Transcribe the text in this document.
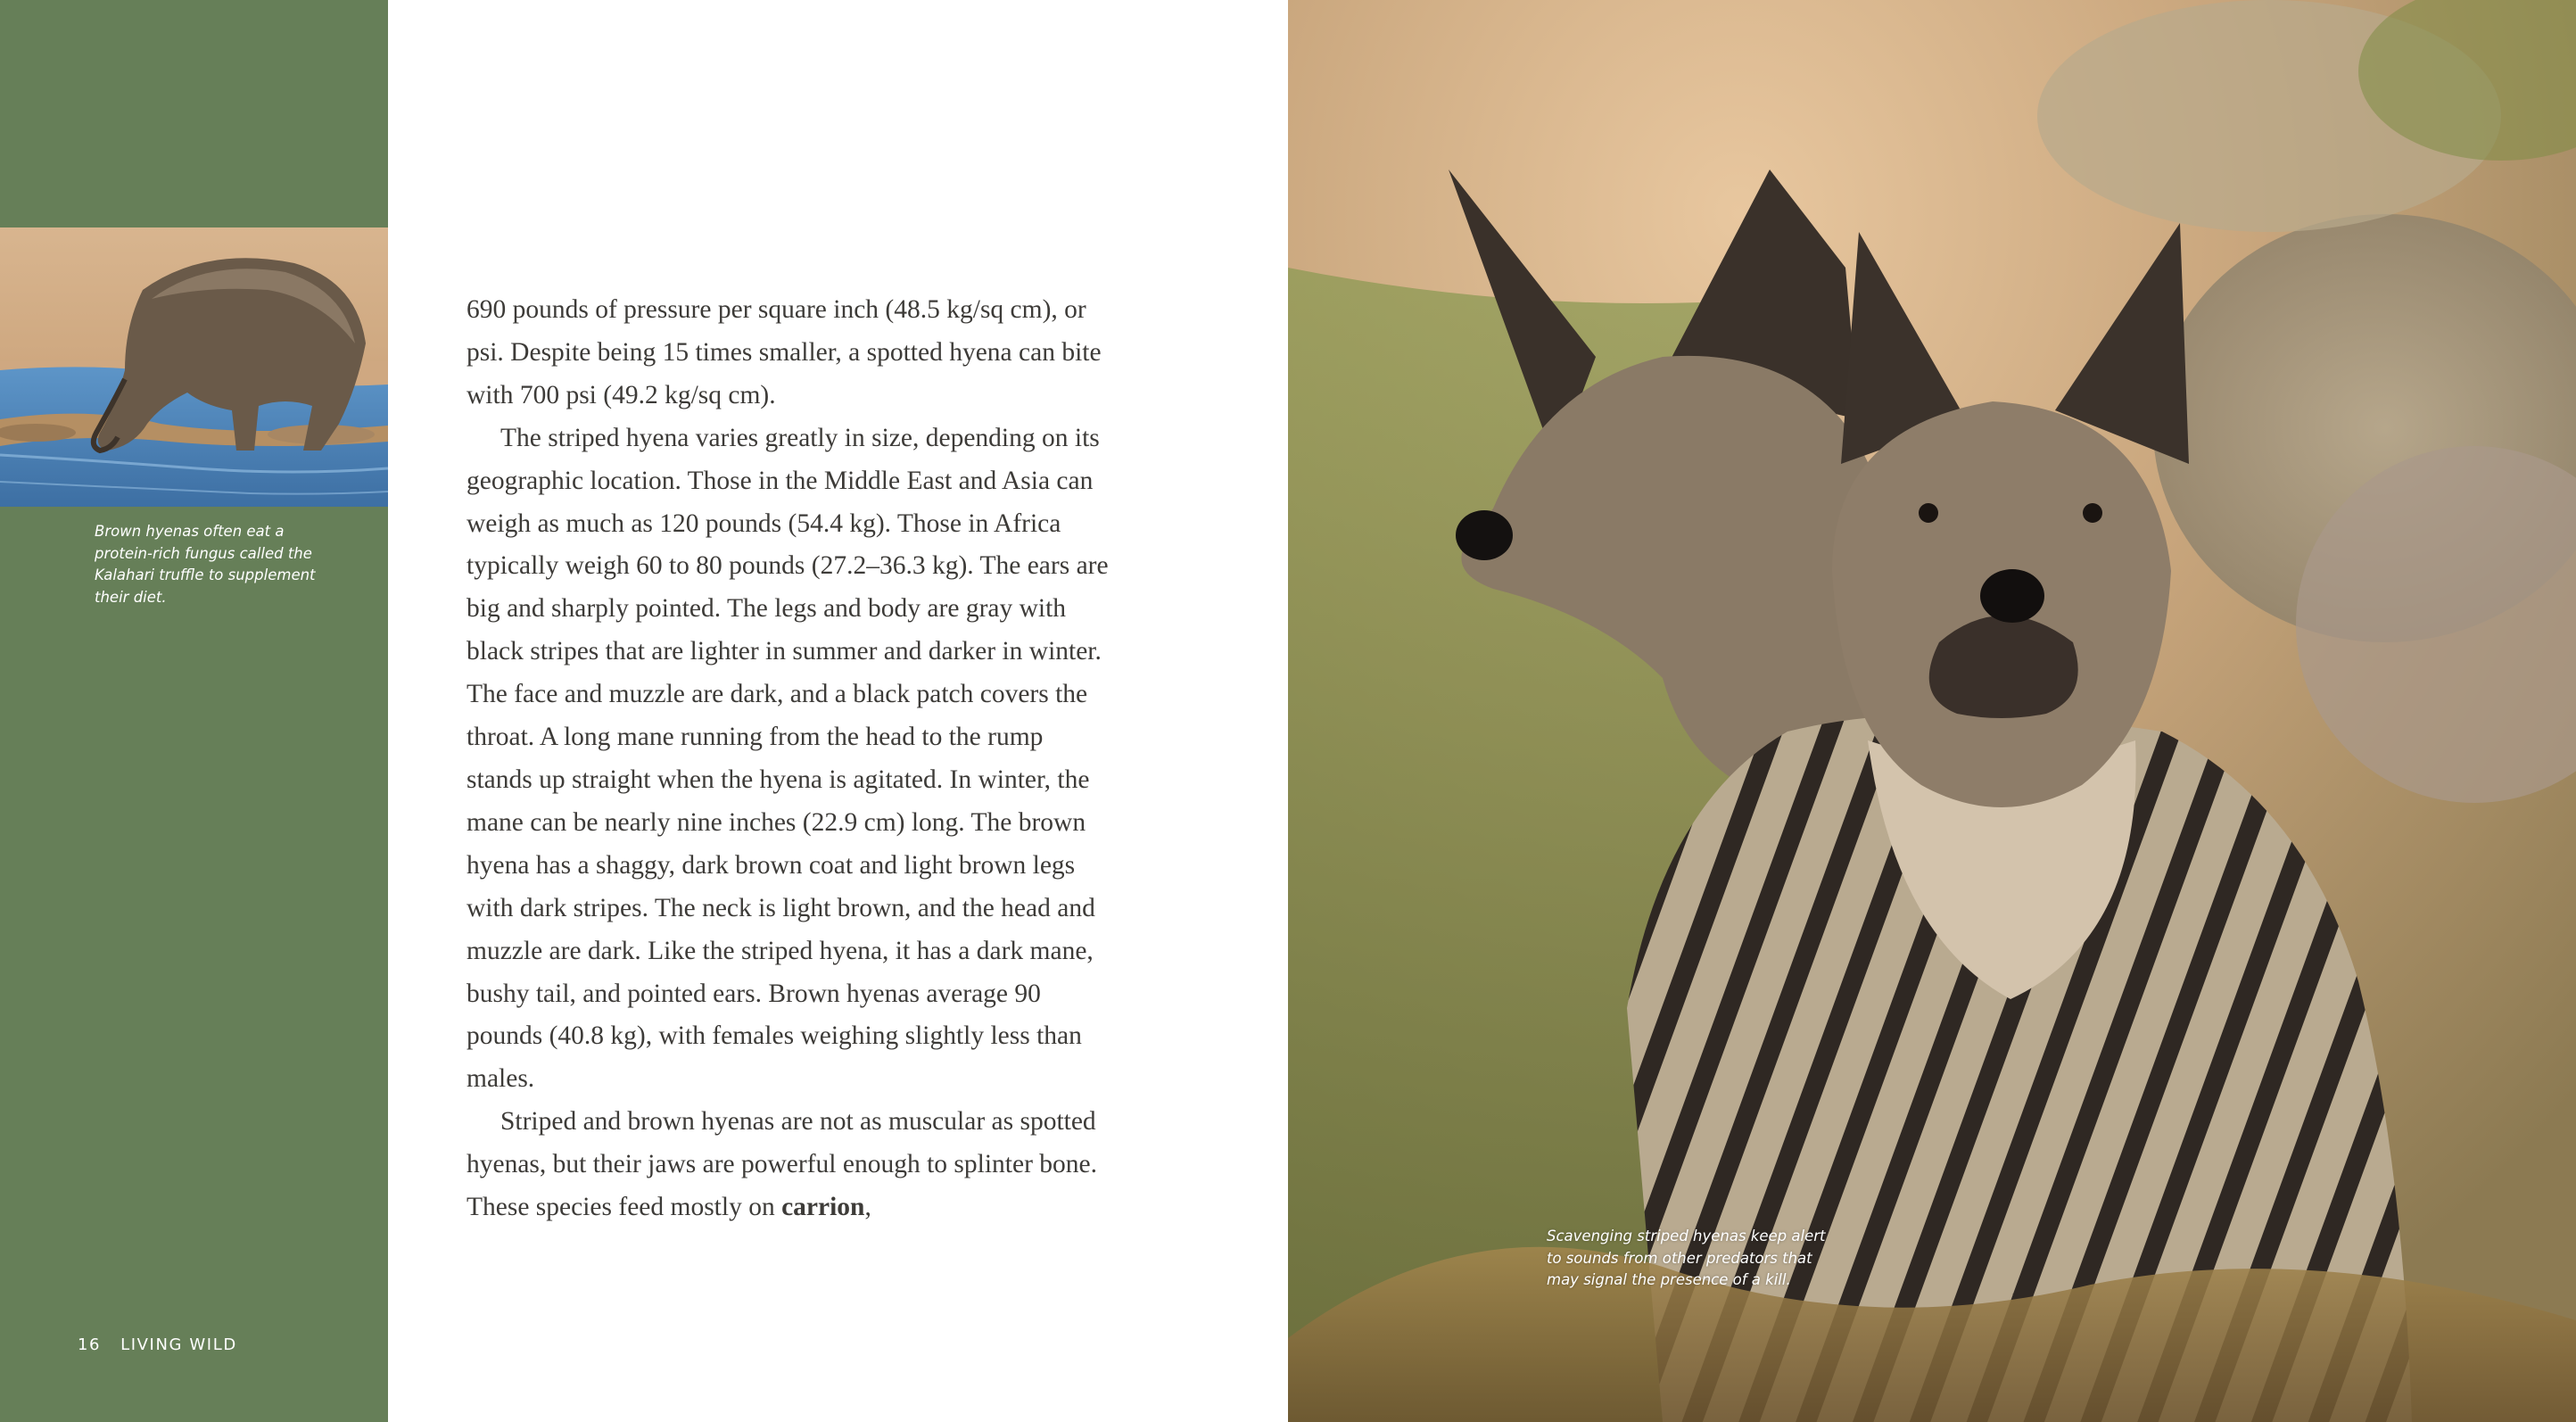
Brown hyenas often eat a protein-rich fungus called the Kalahari truffle to supplement their diet.

16 LIVING WILD

690 pounds of pressure per square inch (48.5 kg/sq cm), or psi. Despite being 15 times smaller, a spotted hyena can bite with 700 psi (49.2 kg/sq cm).

The striped hyena varies greatly in size, depending on its geographic location. Those in the Middle East and Asia can weigh as much as 120 pounds (54.4 kg). Those in Africa typically weigh 60 to 80 pounds (27.2–36.3 kg). The ears are big and sharply pointed. The legs and body are gray with black stripes that are lighter in summer and darker in winter. The face and muzzle are dark, and a black patch covers the throat. A long mane running from the head to the rump stands up straight when the hyena is agitated. In winter, the mane can be nearly nine inches (22.9 cm) long. The brown hyena has a shaggy, dark brown coat and light brown legs with dark stripes. The neck is light brown, and the head and muzzle are dark. Like the striped hyena, it has a dark mane, bushy tail, and pointed ears. Brown hyenas average 90 pounds (40.8 kg), with females weighing slightly less than males.

Striped and brown hyenas are not as muscular as spotted hyenas, but their jaws are powerful enough to splinter bone. These species feed mostly on carrion,

Scavenging striped hyenas keep alert to sounds from other predators that may signal the presence of a kill.
